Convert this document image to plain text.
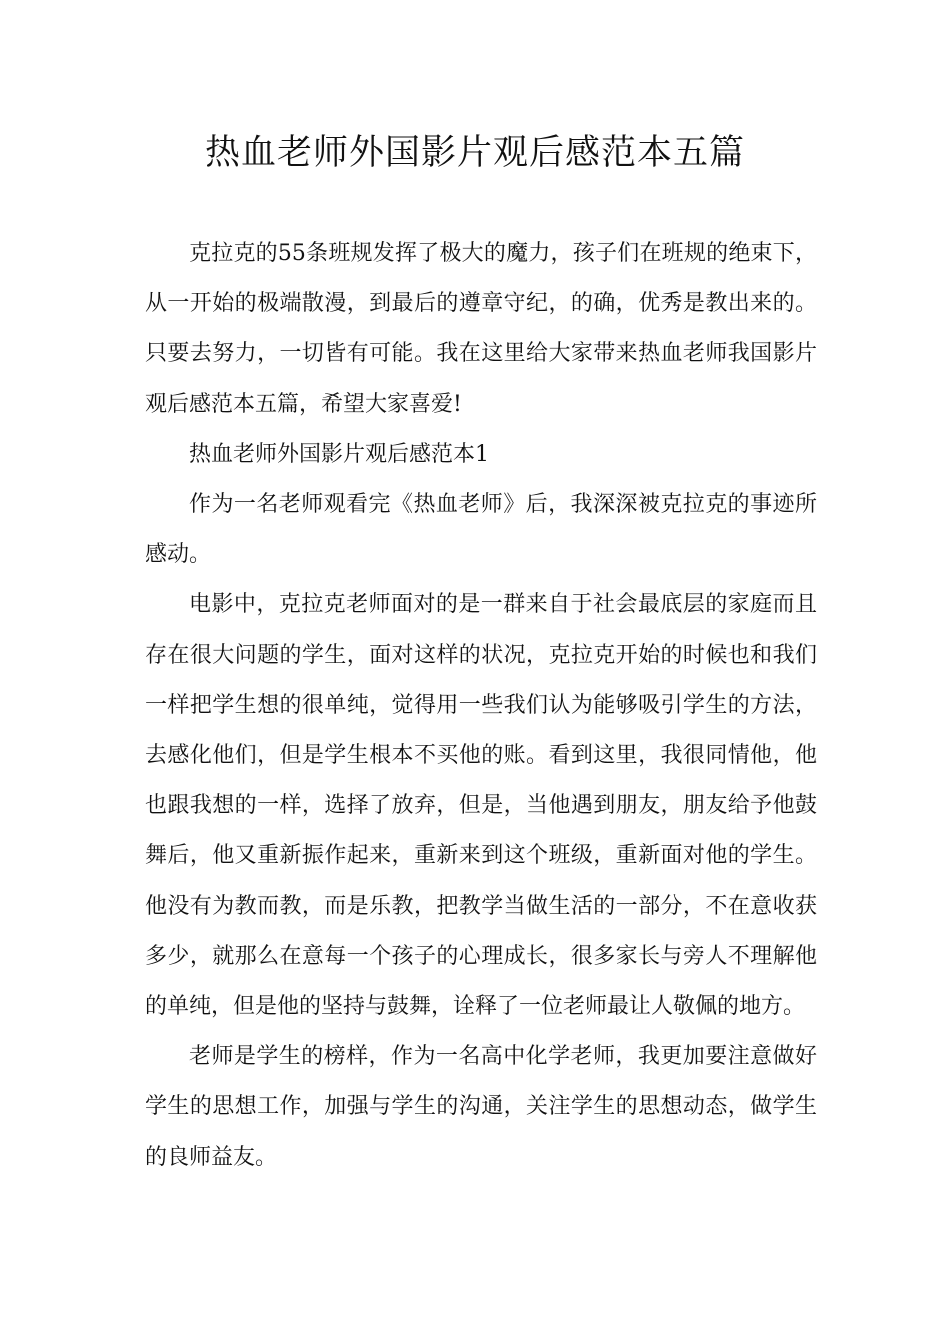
热血老师外国影片观后感范本五篇

克拉克的55条班规发挥了极大的魔力，孩子们在班规的绝束下，从一开始的极端散漫，到最后的遵章守纪，的确，优秀是教出来的。只要去努力，一切皆有可能。我在这里给大家带来热血老师我国影片观后感范本五篇，希望大家喜爱!

热血老师外国影片观后感范本1

作为一名老师观看完《热血老师》后，我深深被克拉克的事迹所感动。

电影中，克拉克老师面对的是一群来自于社会最底层的家庭而且存在很大问题的学生，面对这样的状况，克拉克开始的时候也和我们一样把学生想的很单纯，觉得用一些我们认为能够吸引学生的方法，去感化他们，但是学生根本不买他的账。看到这里，我很同情他，他也跟我想的一样，选择了放弃，但是，当他遇到朋友，朋友给予他鼓舞后，他又重新振作起来，重新来到这个班级，重新面对他的学生。他没有为教而教，而是乐教，把教学当做生活的一部分，不在意收获多少，就那么在意每一个孩子的心理成长，很多家长与旁人不理解他的单纯，但是他的坚持与鼓舞，诠释了一位老师最让人敬佩的地方。

老师是学生的榜样，作为一名高中化学老师，我更加要注意做好学生的思想工作，加强与学生的沟通，关注学生的思想动态，做学生的良师益友。
